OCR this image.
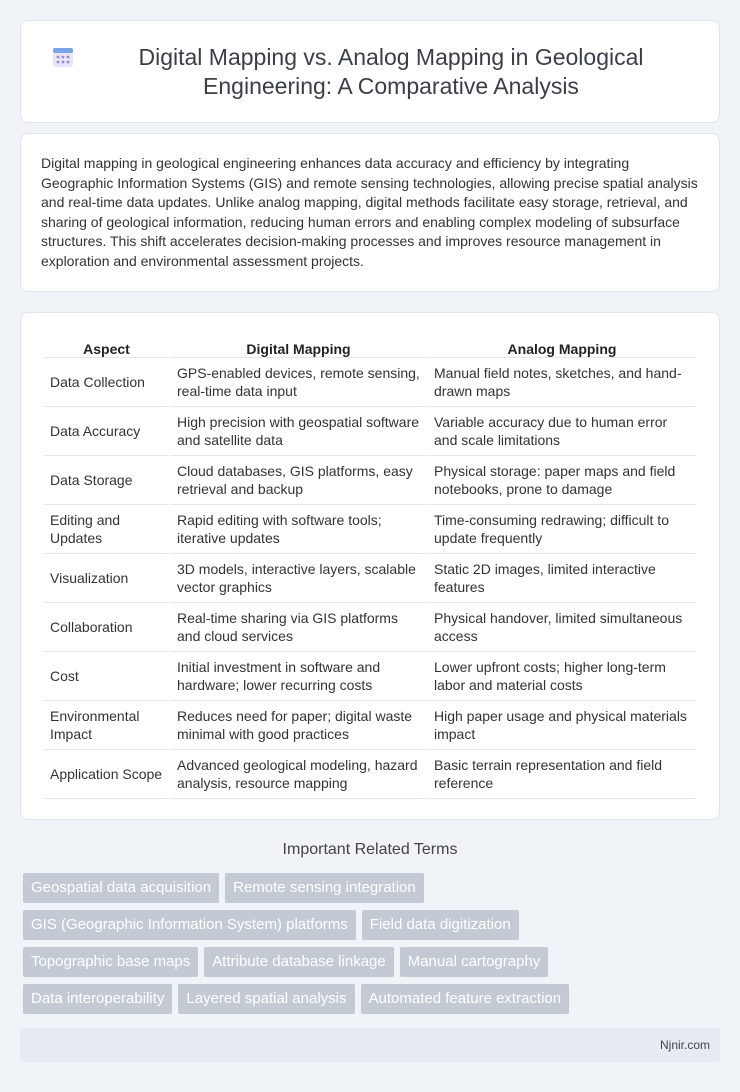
Digital Mapping vs. Analog Mapping in Geological Engineering: A Comparative Analysis

Digital mapping in geological engineering enhances data accuracy and efficiency by integrating Geographic Information Systems (GIS) and remote sensing technologies, allowing precise spatial analysis and real-time data updates. Unlike analog mapping, digital methods facilitate easy storage, retrieval, and sharing of geological information, reducing human errors and enabling complex modeling of subsurface structures. This shift accelerates decision-making processes and improves resource management in exploration and environmental assessment projects.

Aspect	Digital Mapping	Analog Mapping
Data Collection	GPS-enabled devices, remote sensing, real-time data input	Manual field notes, sketches, and hand-drawn maps
Data Accuracy	High precision with geospatial software and satellite data	Variable accuracy due to human error and scale limitations
Data Storage	Cloud databases, GIS platforms, easy retrieval and backup	Physical storage: paper maps and field notebooks, prone to damage
Editing and Updates	Rapid editing with software tools; iterative updates	Time-consuming redrawing; difficult to update frequently
Visualization	3D models, interactive layers, scalable vector graphics	Static 2D images, limited interactive features
Collaboration	Real-time sharing via GIS platforms and cloud services	Physical handover, limited simultaneous access
Cost	Initial investment in software and hardware; lower recurring costs	Lower upfront costs; higher long-term labor and material costs
Environmental Impact	Reduces need for paper; digital waste minimal with good practices	High paper usage and physical materials impact
Application Scope	Advanced geological modeling, hazard analysis, resource mapping	Basic terrain representation and field reference
Important Related Terms
Geospatial data acquisition	Remote sensing integration
GIS (Geographic Information System) platforms	Field data digitization
Topographic base maps	Attribute database linkage	Manual cartography
Data interoperability	Layered spatial analysis	Automated feature extraction
Njnir.com
